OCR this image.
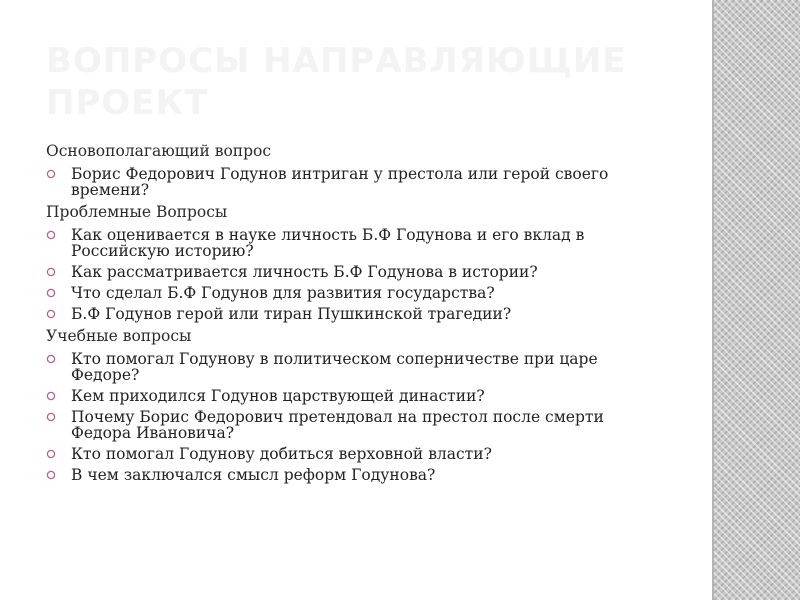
ВОПРОСЫ НАПРАВЛЯЮЩИЕ ПРОЕКТ

Основополагающий вопрос

Борис Федорович Годунов интриган у престола или герой своего времени?

Проблемные Вопросы

Как оценивается в науке личность Б.Ф Годунова и его вклад в Российскую историю?
Как рассматривается личность Б.Ф Годунова в истории?
Что сделал Б.Ф Годунов для развития государства?
Б.Ф Годунов герой или тиран Пушкинской трагедии?

Учебные вопросы

Кто помогал Годунову в политическом соперничестве при царе Федоре?
Кем приходился Годунов царствующей династии?
Почему Борис Федорович претендовал на престол после смерти Федора Ивановича?
Кто помогал Годунову добиться верховной власти?
В чем заключался смысл реформ Годунова?
